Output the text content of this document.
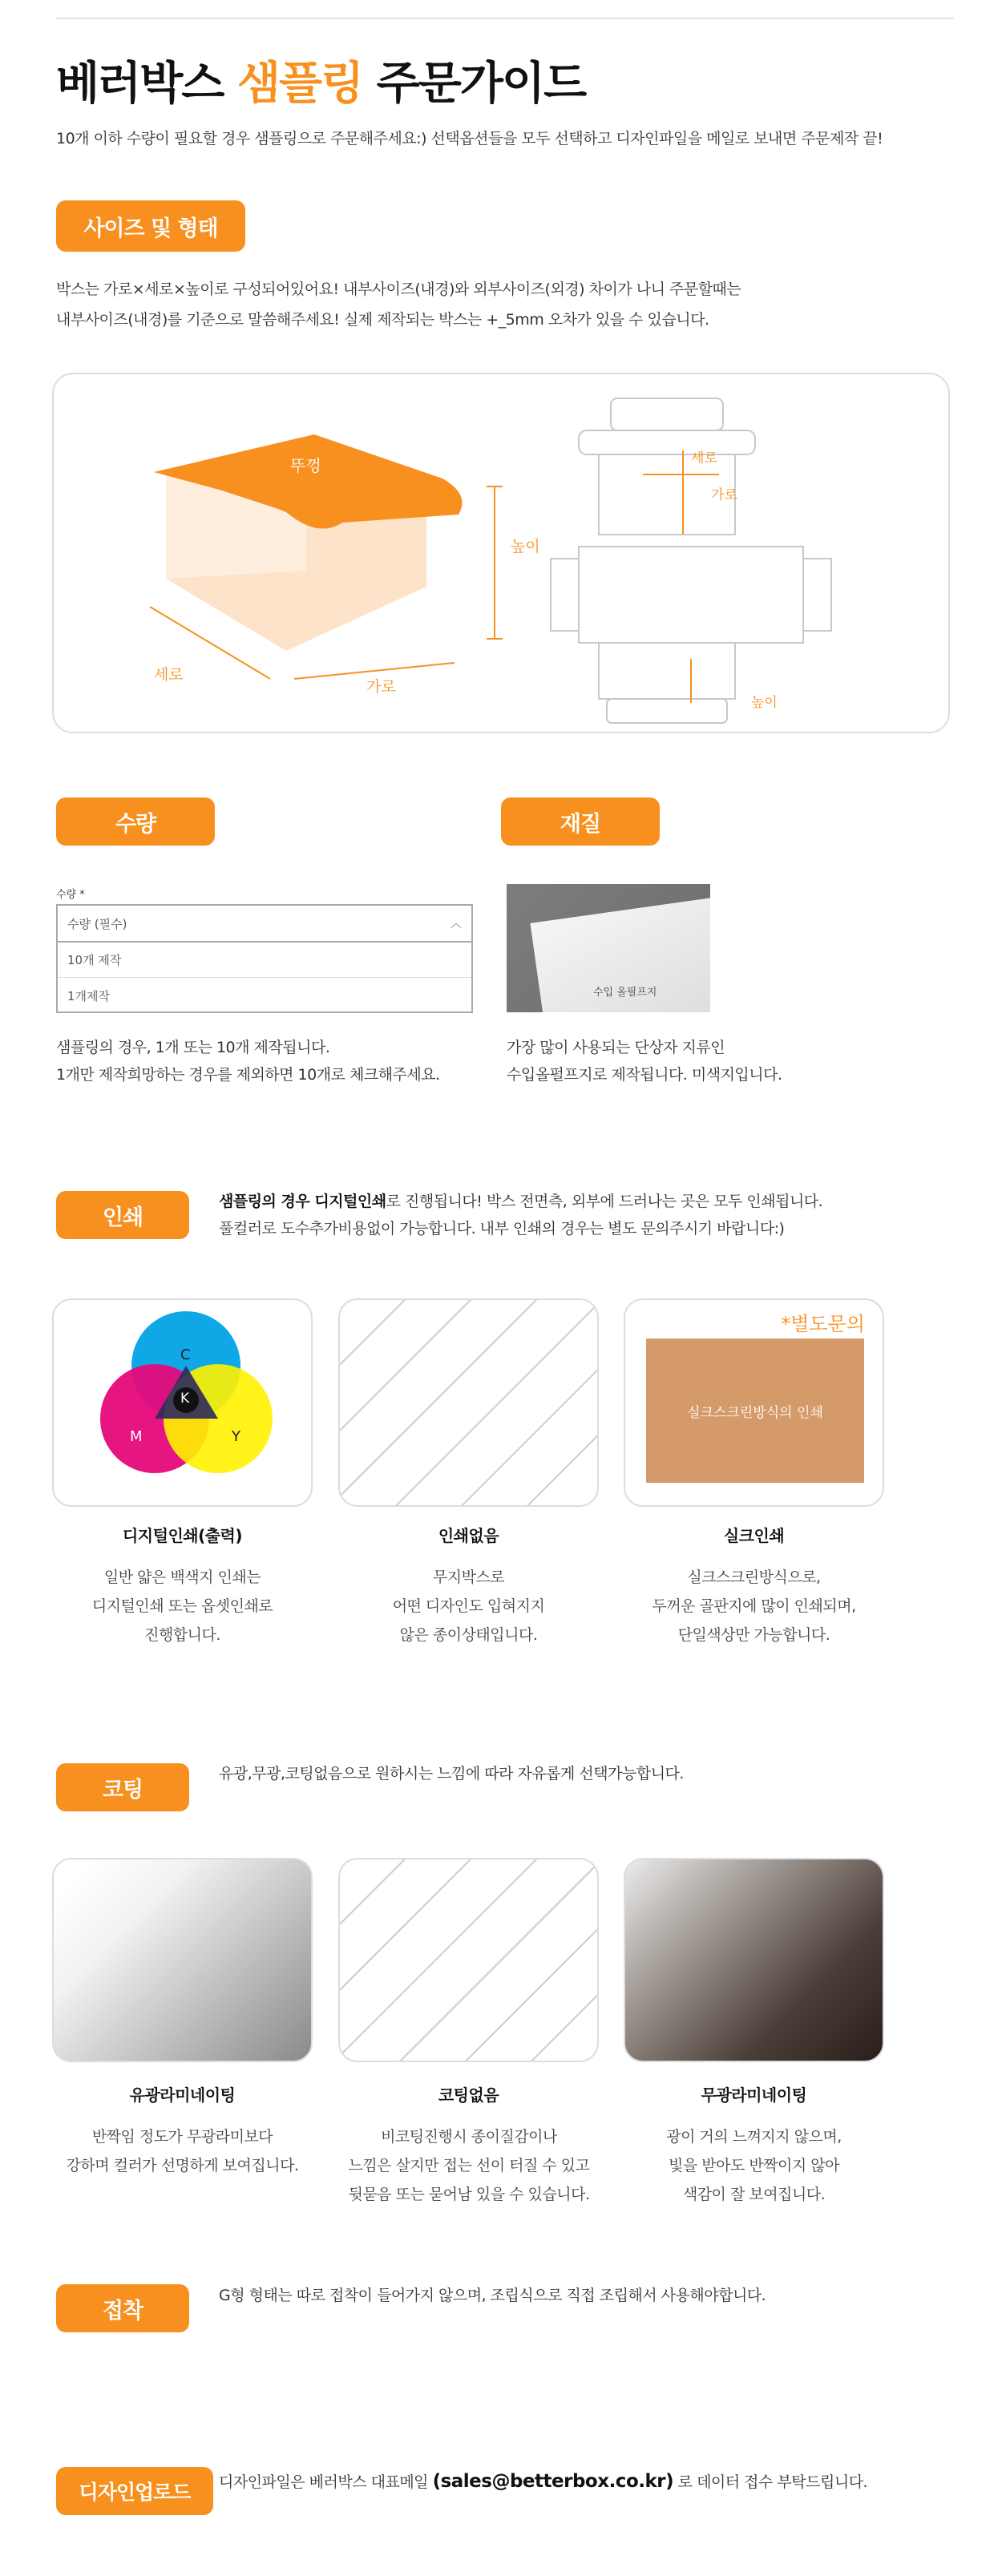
베러박스 샘플링 주문가이드
10개 이하 수량이 필요할 경우 샘플링으로 주문해주세요:) 선택옵션들을 모두 선택하고 디자인파일을 메일로 보내면 주문제작 끝!
사이즈 및 형태
박스는 가로×세로×높이로 구성되어있어요! 내부사이즈(내경)와 외부사이즈(외경) 차이가 나니 주문할때는
내부사이즈(내경)를 기준으로 말씀해주세요! 실제 제작되는 박스는 +_5mm 오차가 있을 수 있습니다.
뚜껑
높이
세로
가로
세로
가로
높이
수량
수량 *
수량 (필수)	︿
10개 제작
1개제작
샘플링의 경우, 1개 또는 10개 제작됩니다.
1개만 제작희망하는 경우를 제외하면 10개로 체크해주세요.
재질
수입 올필프지
가장 많이 사용되는 단상자 지류인
수입올펄프지로 제작됩니다. 미색지입니다.
인쇄
샘플링의 경우 디지털인쇄로 진행됩니다! 박스 전면측, 외부에 드러나는 곳은 모두 인쇄됩니다.
풀컬러로 도수추가비용없이 가능합니다. 내부 인쇄의 경우는 별도 문의주시기 바랍니다:)
C
M	Y
K
*별도문의
실크스크린방식의 인쇄
디지털인쇄(출력)	인쇄없음	실크인쇄
일반 얇은 백색지 인쇄는
디지털인쇄 또는 옵셋인쇄로
진행합니다.
무지박스로
어떤 디자인도 입혀지지
않은 종이상태입니다.
실크스크린방식으로,
두꺼운 골판지에 많이 인쇄되며,
단일색상만 가능합니다.
코팅
유광,무광,코팅없음으로 원하시는 느낌에 따라 자유롭게 선택가능합니다.
유광라미네이팅	코팅없음	무광라미네이팅
반짝임 정도가 무광라미보다
강하며 컬러가 선명하게 보여집니다.
비코팅진행시 종이질감이나
느낌은 살지만 접는 선이 터질 수 있고
뒷묻음 또는 묻어남 있을 수 있습니다.
광이 거의 느껴지지 않으며,
빛을 받아도 반짝이지 않아
색감이 잘 보여집니다.
접착
G형 형태는 따로 접착이 들어가지 않으며, 조립식으로 직접 조립해서 사용해야합니다.
디자인업로드	디자인파일은 베러박스 대표메일 (sales@betterbox.co.kr) 로 데이터 접수 부탁드립니다.
